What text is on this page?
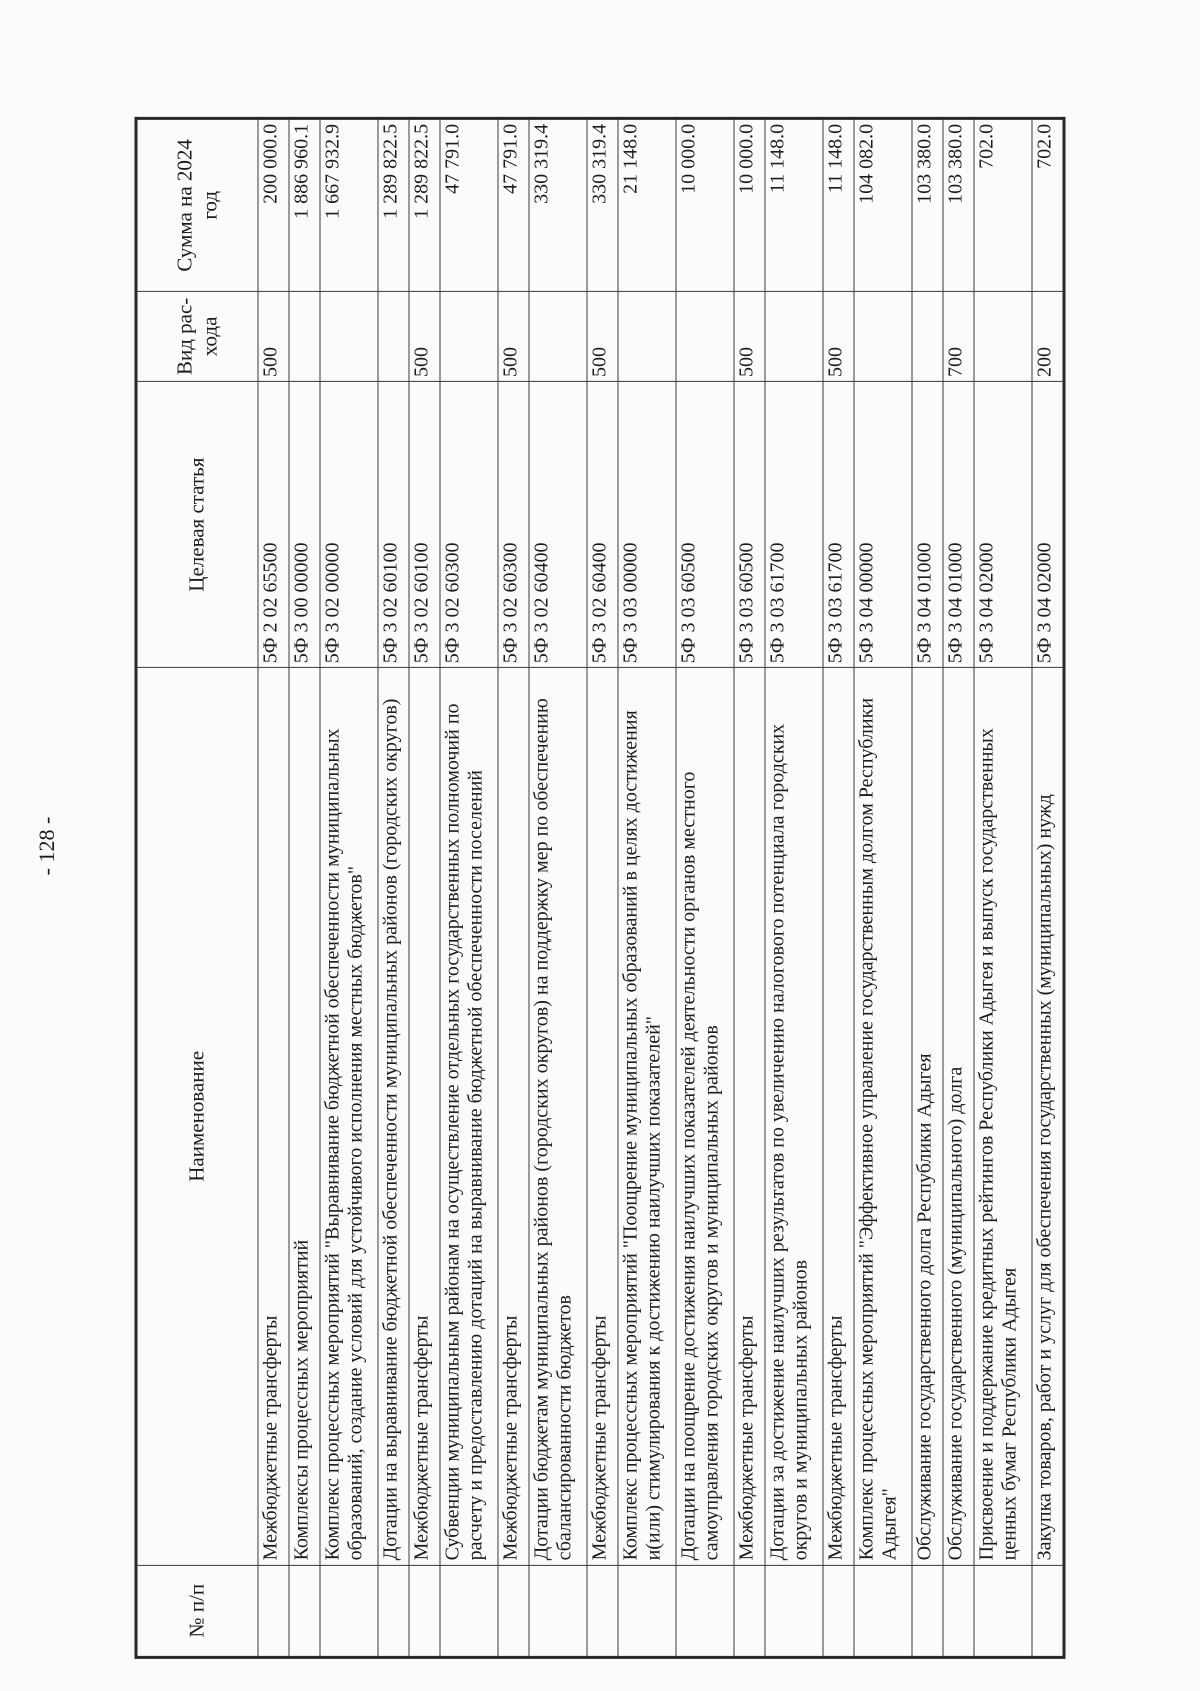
- 128 -
№ п/п	Наименование	Целевая статья	Вид рас-хода	Сумма на 2024 год
	Межбюджетные трансферты	5Ф 2 02 65500	500	200 000.0
	Комплексы процессных мероприятий	5Ф 3 00 00000		1 886 960.1
	Комплекс процессных мероприятий "Выравнивание бюджетной обеспеченности муниципальных образований, создание условий для устойчивого исполнения местных бюджетов"	5Ф 3 02 00000		1 667 932.9
	Дотации на выравнивание бюджетной обеспеченности муниципальных районов (городских округов)	5Ф 3 02 60100		1 289 822.5
	Межбюджетные трансферты	5Ф 3 02 60100	500	1 289 822.5
	Субвенции муниципальным районам на осуществление отдельных государственных полномочий по расчету и предоставлению дотаций на выравнивание бюджетной обеспеченности поселений	5Ф 3 02 60300		47 791.0
	Межбюджетные трансферты	5Ф 3 02 60300	500	47 791.0
	Дотации бюджетам муниципальных районов (городских округов) на поддержку мер по обеспечению сбалансированности бюджетов	5Ф 3 02 60400		330 319.4
	Межбюджетные трансферты	5Ф 3 02 60400	500	330 319.4
	Комплекс процессных мероприятий "Поощрение муниципальных образований в целях достижения и(или) стимулирования к достижению наилучших показателей"	5Ф 3 03 00000		21 148.0
	Дотации на поощрение достижения наилучших показателей деятельности органов местного самоуправления городских округов и муниципальных районов	5Ф 3 03 60500		10 000.0
	Межбюджетные трансферты	5Ф 3 03 60500	500	10 000.0
	Дотации за достижение наилучших результатов по увеличению налогового потенциала городских округов и муниципальных районов	5Ф 3 03 61700		11 148.0
	Межбюджетные трансферты	5Ф 3 03 61700	500	11 148.0
	Комплекс процессных мероприятий "Эффективное управление государственным долгом Республики Адыгея"	5Ф 3 04 00000		104 082.0
	Обслуживание государственного долга Республики Адыгея	5Ф 3 04 01000		103 380.0
	Обслуживание государственного (муниципального) долга	5Ф 3 04 01000	700	103 380.0
	Присвоение и поддержание кредитных рейтингов Республики Адыгея и выпуск государственных ценных бумаг Республики Адыгея	5Ф 3 04 02000		702.0
	Закупка товаров, работ и услуг для обеспечения государственных (муниципальных) нужд	5Ф 3 04 02000	200	702.0
